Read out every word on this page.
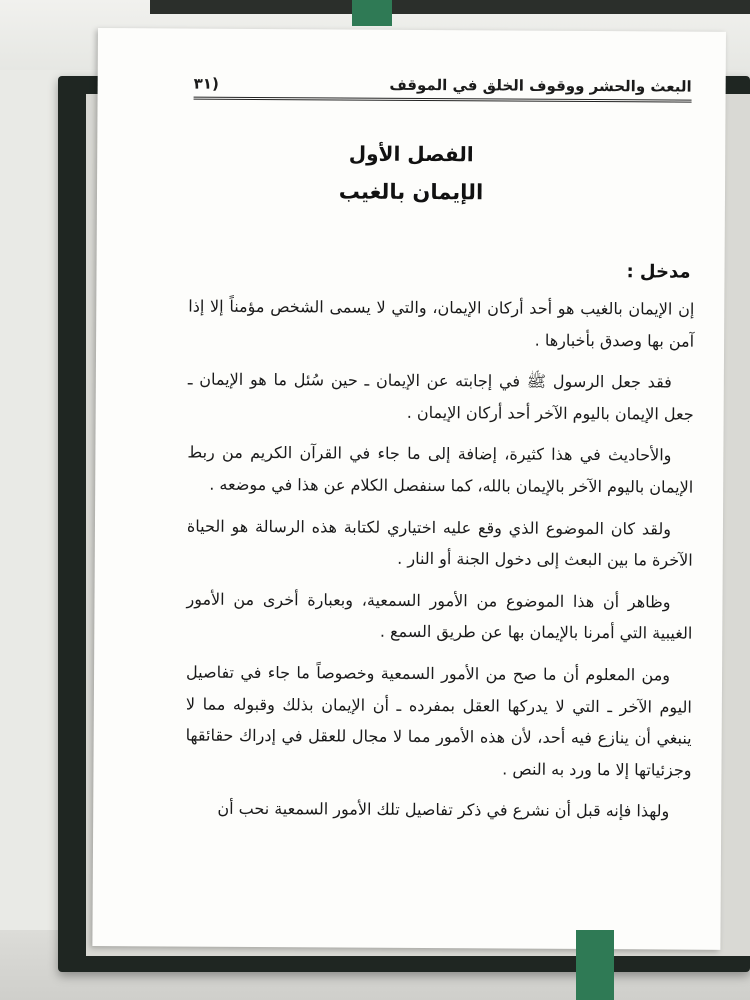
البعث والحشر ووقوف الخلق في الموقف
(٣١
الفصل الأول
الإيمان بالغيب
مدخل :

إن الإيمان بالغيب هو أحد أركان الإيمان، والتي لا يسمى الشخص مؤمناً إلا إذا آمن بها وصدق بأخبارها .

فقد جعل الرسول ﷺ في إجابته عن الإيمان ـ حين سُئل ما هو الإيمان ـ جعل الإيمان باليوم الآخر أحد أركان الإيمان .

والأحاديث في هذا كثيرة، إضافة إلى ما جاء في القرآن الكريم من ربط الإيمان باليوم الآخر بالإيمان بالله، كما سنفصل الكلام عن هذا في موضعه .

ولقد كان الموضوع الذي وقع عليه اختياري لكتابة هذه الرسالة هو الحياة الآخرة ما بين البعث إلى دخول الجنة أو النار .

وظاهر أن هذا الموضوع من الأمور السمعية، وبعبارة أخرى من الأمور الغيبية التي أمرنا بالإيمان بها عن طريق السمع .

ومن المعلوم أن ما صح من الأمور السمعية وخصوصاً ما جاء في تفاصيل اليوم الآخر ـ التي لا يدركها العقل بمفرده ـ أن الإيمان بذلك وقبوله مما لا ينبغي أن ينازع فيه أحد، لأن هذه الأمور مما لا مجال للعقل في إدراك حقائقها وجزئياتها إلا ما ورد به النص .

ولهذا فإنه قبل أن نشرع في ذكر تفاصيل تلك الأمور السمعية نحب أن
